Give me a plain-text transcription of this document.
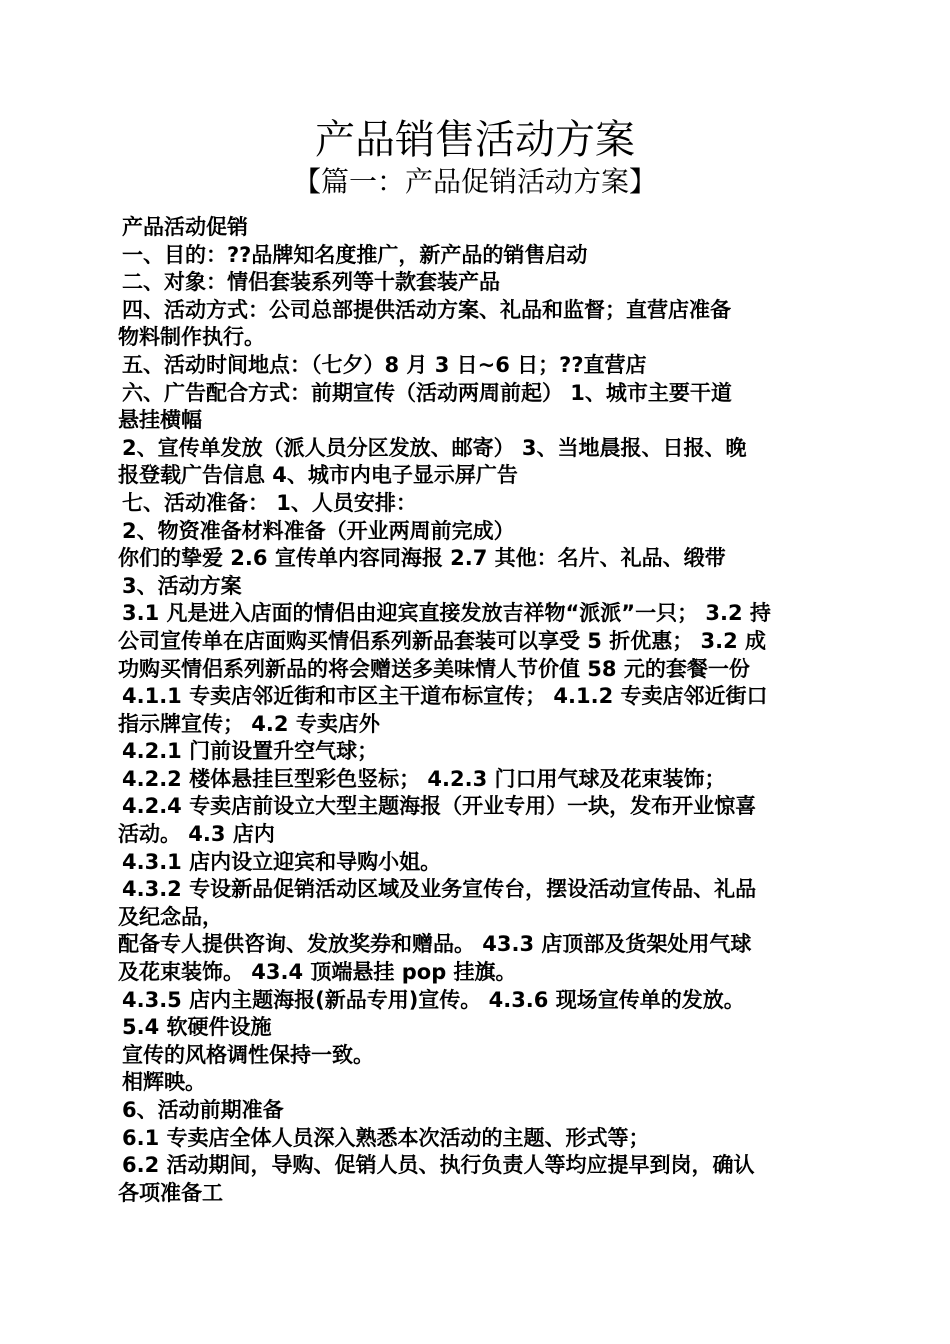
产品销售活动方案
【篇一：产品促销活动方案】

产品活动促销

一、目的：??品牌知名度推广，新产品的销售启动

二、对象：情侣套装系列等十款套装产品

四、活动方式：公司总部提供活动方案、礼品和监督；直营店准备

物料制作执行。

五、活动时间地点：（七夕）8 月 3 日~6 日；??直营店

六、广告配合方式：前期宣传（活动两周前起） 1、城市主要干道

悬挂横幅

2、宣传单发放（派人员分区发放、邮寄） 3、当地晨报、日报、晚

报登载广告信息 4、城市内电子显示屏广告

七、活动准备： 1、人员安排：

2、物资准备材料准备（开业两周前完成）

你们的挚爱 2.6 宣传单内容同海报 2.7 其他：名片、礼品、缎带

3、活动方案

3.1 凡是进入店面的情侣由迎宾直接发放吉祥物“派派”一只； 3.2 持

公司宣传单在店面购买情侣系列新品套装可以享受 5 折优惠； 3.2 成

功购买情侣系列新品的将会赠送多美味情人节价值 58 元的套餐一份

4.1.1 专卖店邻近街和市区主干道布标宣传； 4.1.2 专卖店邻近街口

指示牌宣传； 4.2 专卖店外

4.2.1 门前设置升空气球；

4.2.2 楼体悬挂巨型彩色竖标； 4.2.3 门口用气球及花束装饰；

4.2.4 专卖店前设立大型主题海报（开业专用）一块，发布开业惊喜

活动。 4.3 店内

4.3.1 店内设立迎宾和导购小姐。

4.3.2 专设新品促销活动区域及业务宣传台，摆设活动宣传品、礼品

及纪念品，

配备专人提供咨询、发放奖券和赠品。 43.3 店顶部及货架处用气球

及花束装饰。 43.4 顶端悬挂 pop 挂旗。

4.3.5 店内主题海报(新品专用)宣传。 4.3.6 现场宣传单的发放。

5.4 软硬件设施

宣传的风格调性保持一致。

相辉映。

6、活动前期准备

6.1 专卖店全体人员深入熟悉本次活动的主题、形式等；

6.2 活动期间，导购、促销人员、执行负责人等均应提早到岗，确认

各项准备工
